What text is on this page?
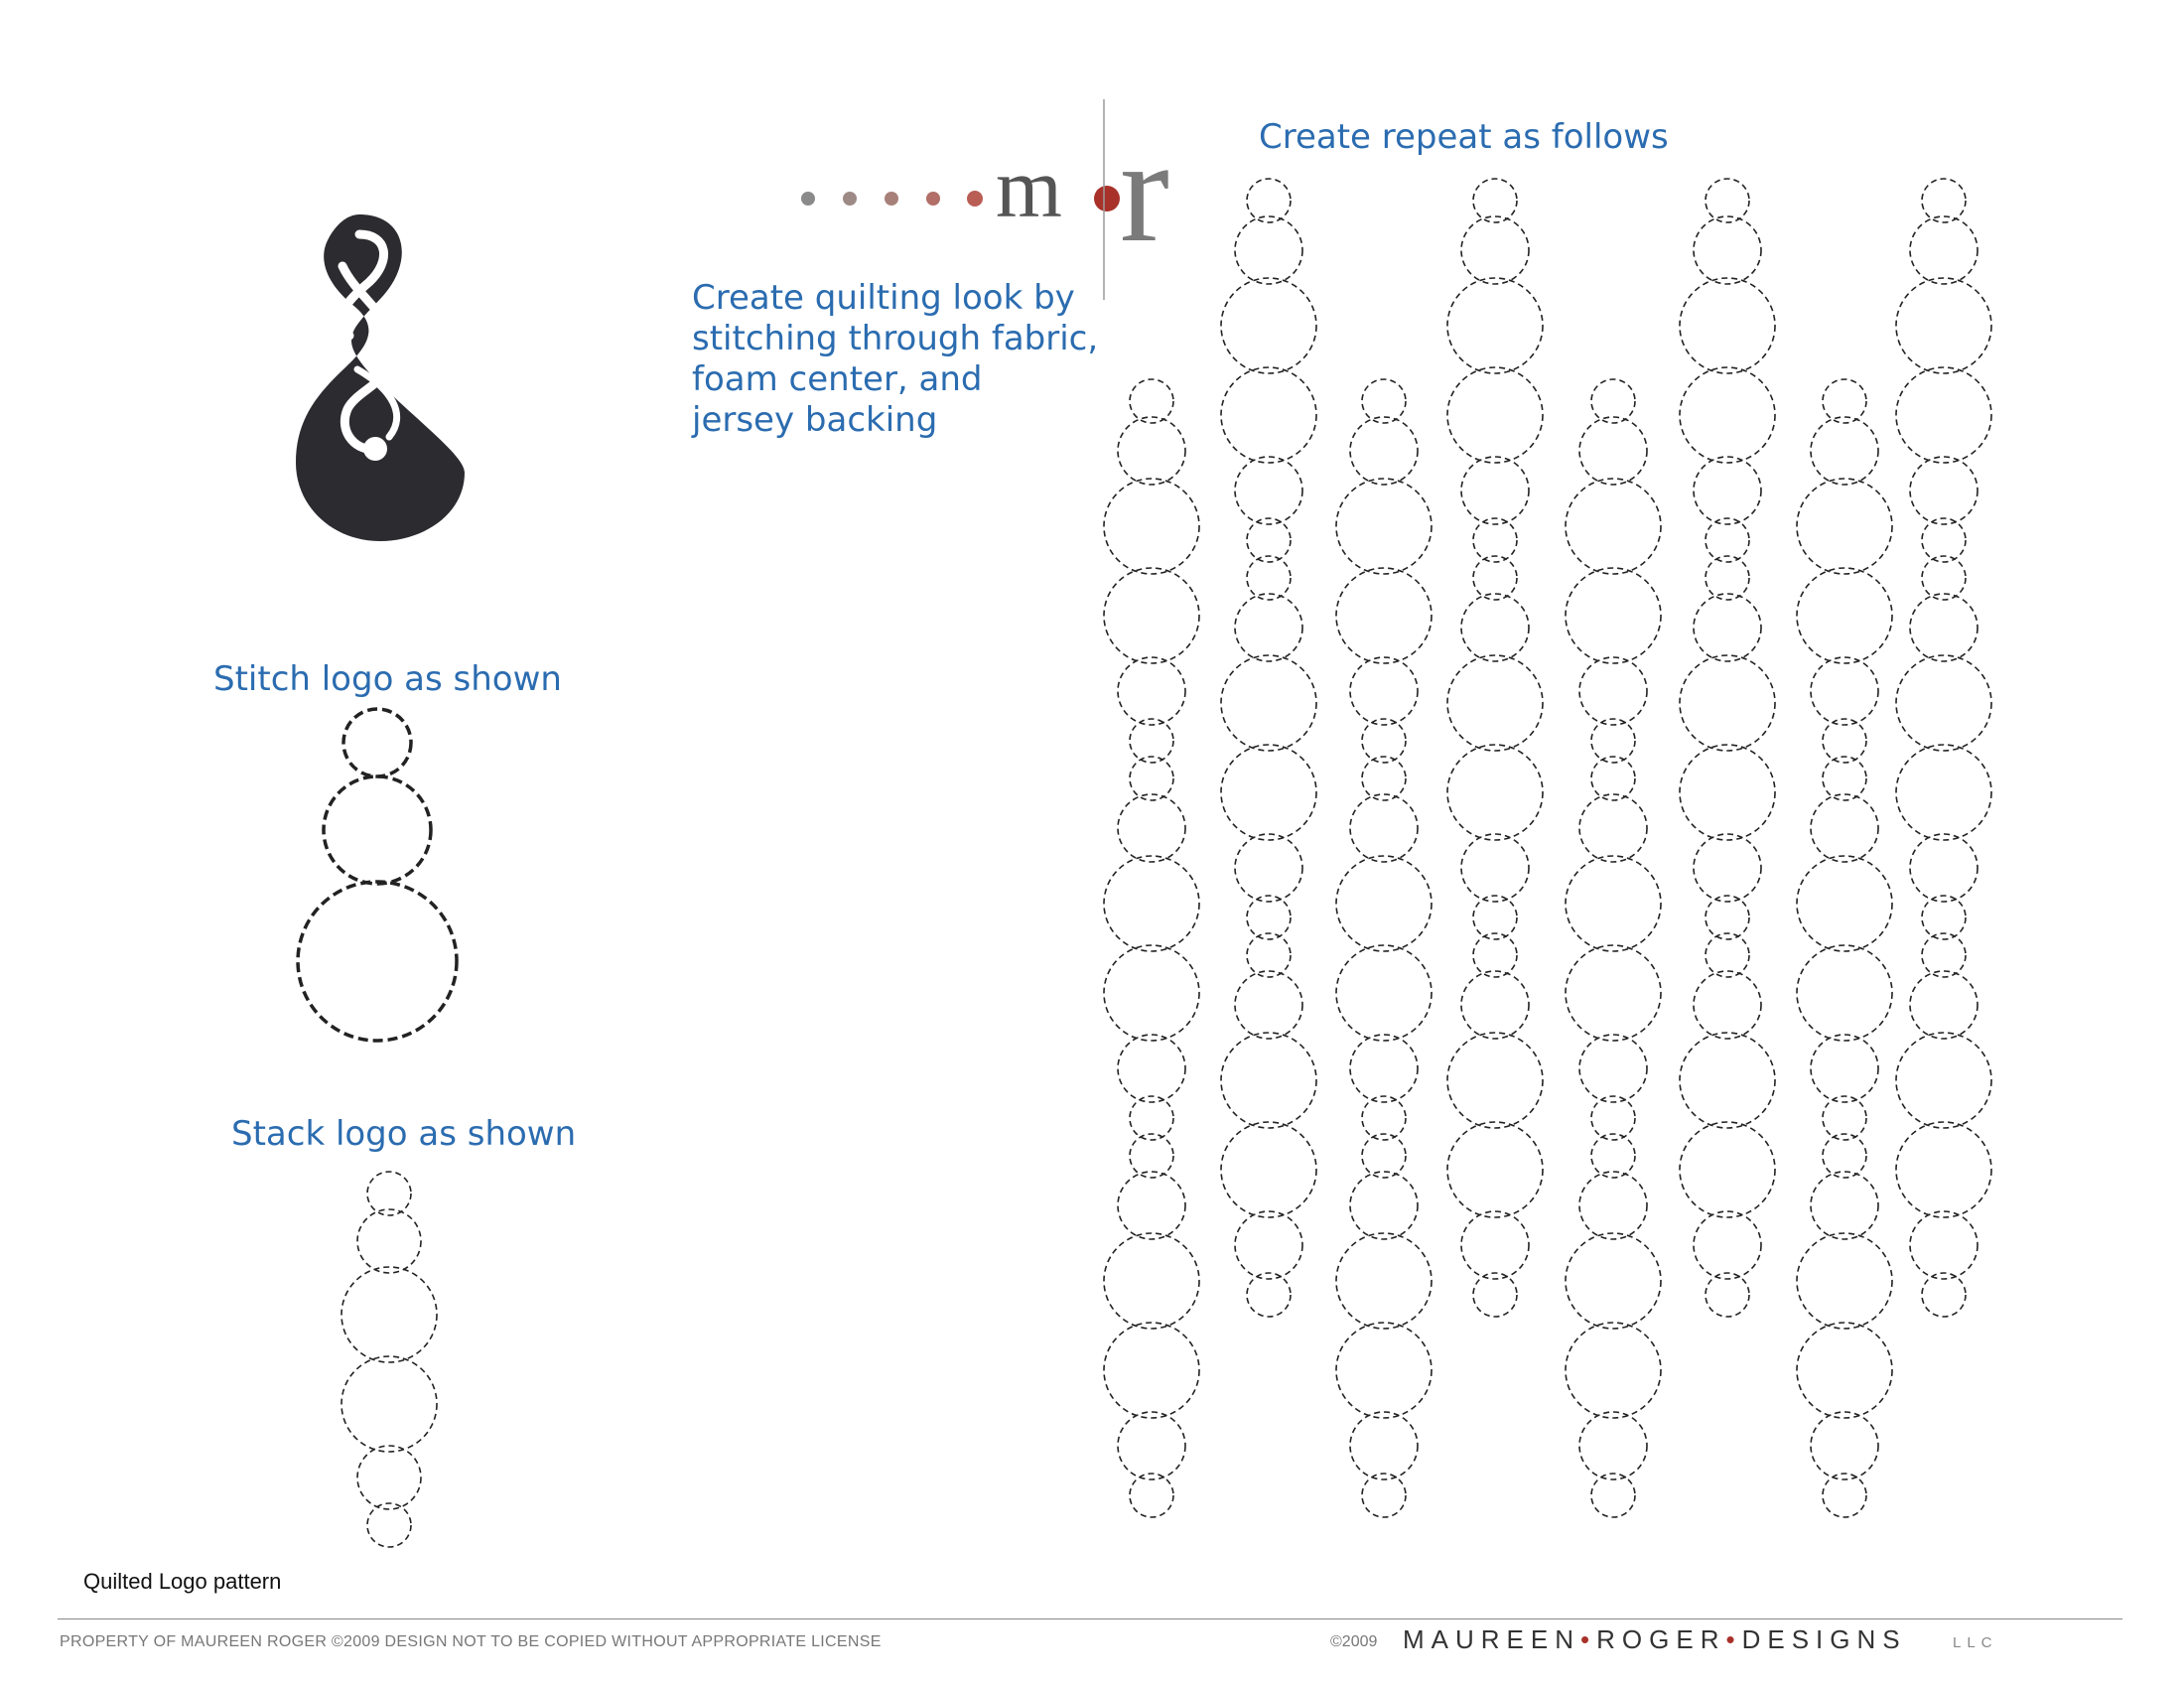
m r	Create repeat as follows
Create quilting look by
stitching through fabric,
foam center, and
jersey backing
Stitch logo as shown
Stack logo as shown
Quilted Logo pattern
PROPERTY OF MAUREEN ROGER ©2009 DESIGN NOT TO BE COPIED WITHOUT APPROPRIATE LICENSE	©2009 MAUREEN•ROGER•DESIGNS	LLC
